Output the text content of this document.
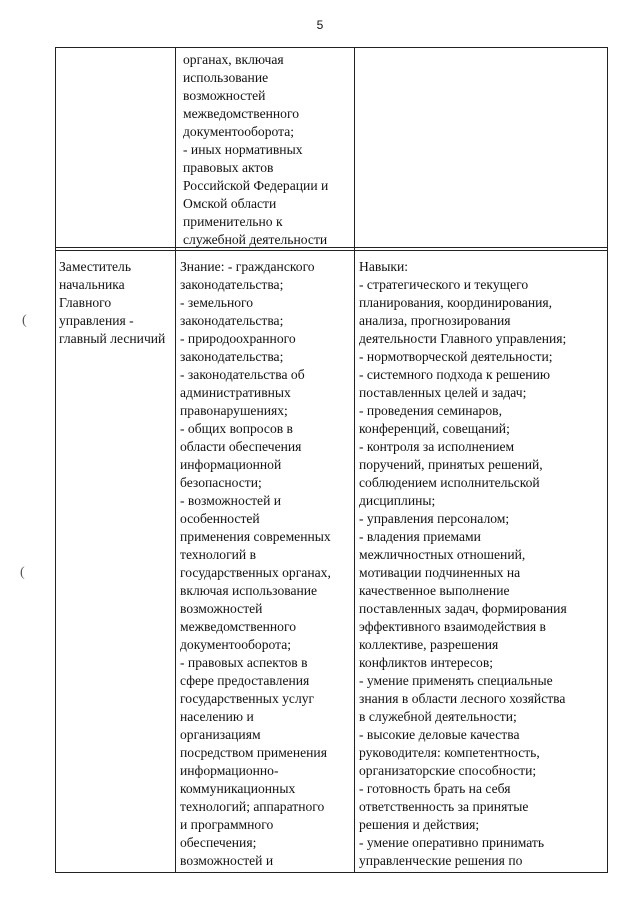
5
(
(
органах, включая
использование
возможностей
межведомственного
документооборота;
- иных нормативных
правовых актов
Российской Федерации и
Омской области
применительно к
служебной деятельности
Заместитель
начальника
Главного
управления -
главный лесничий
Знание: - гражданского
законодательства;
- земельного
законодательства;
- природоохранного
законодательства;
- законодательства об
административных
правонарушениях;
- общих вопросов в
области обеспечения
информационной
безопасности;
- возможностей и
особенностей
применения современных
технологий в
государственных органах,
включая использование
возможностей
межведомственного
документооборота;
- правовых аспектов в
сфере предоставления
государственных услуг
населению и
организациям
посредством применения
информационно-
коммуникационных
технологий; аппаратного
и программного
обеспечения;
возможностей и
Навыки:
- стратегического и текущего
планирования, координирования,
анализа, прогнозирования
деятельности Главного управления;
- нормотворческой деятельности;
- системного подхода к решению
поставленных целей и задач;
- проведения семинаров,
конференций, совещаний;
- контроля за исполнением
поручений, принятых решений,
соблюдением исполнительской
дисциплины;
- управления персоналом;
- владения приемами
межличностных отношений,
мотивации подчиненных на
качественное выполнение
поставленных задач, формирования
эффективного взаимодействия в
коллективе, разрешения
конфликтов интересов;
- умение применять специальные
знания в области лесного хозяйства
в служебной деятельности;
- высокие деловые качества
руководителя: компетентность,
организаторские способности;
- готовность брать на себя
ответственность за принятые
решения и действия;
- умение оперативно принимать
управленческие решения по
